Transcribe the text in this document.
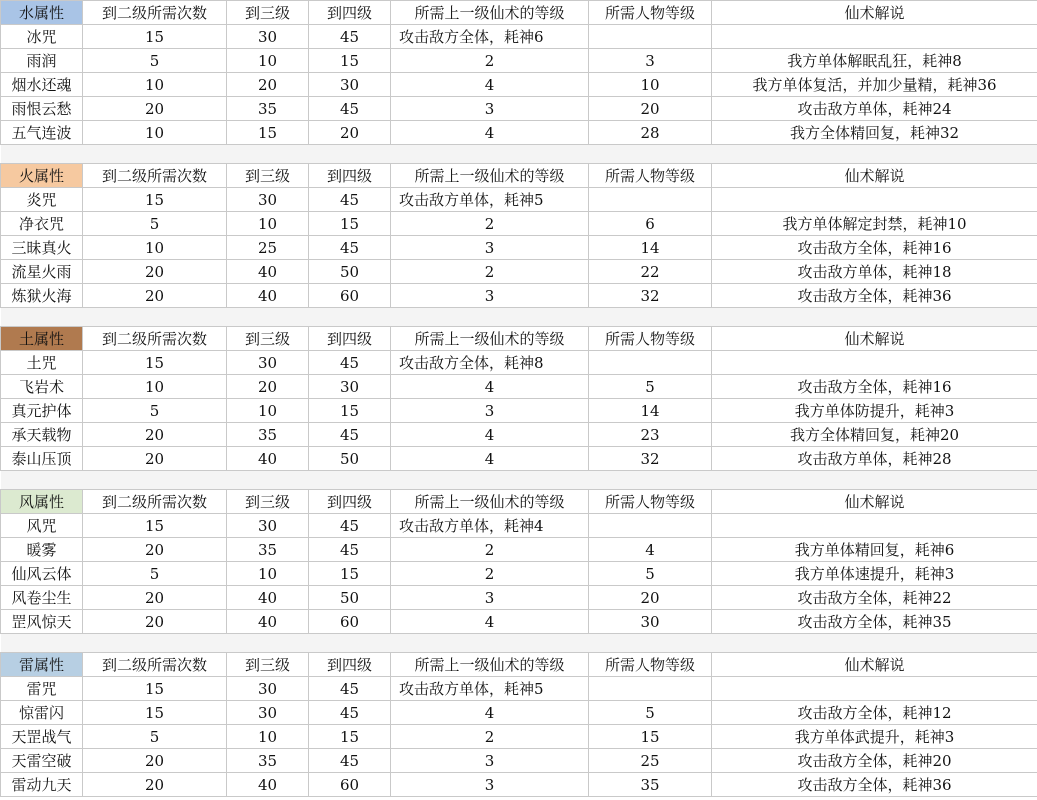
水属性	到二级所需次数	到三级	到四级	所需上一级仙术的等级	所需人物等级	仙术解说
冰咒	15	30	45	攻击敌方全体，耗神6		
雨润	5	10	15	2	3	我方单体解眠乱狂，耗神8
烟水还魂	10	20	30	4	10	我方单体复活，并加少量精，耗神36
雨恨云愁	20	35	45	3	20	攻击敌方单体，耗神24
五气连波	10	15	20	4	28	我方全体精回复，耗神32

火属性	到二级所需次数	到三级	到四级	所需上一级仙术的等级	所需人物等级	仙术解说
炎咒	15	30	45	攻击敌方单体，耗神5		
净衣咒	5	10	15	2	6	我方单体解定封禁，耗神10
三昧真火	10	25	45	3	14	攻击敌方全体，耗神16
流星火雨	20	40	50	2	22	攻击敌方单体，耗神18
炼狱火海	20	40	60	3	32	攻击敌方全体，耗神36

土属性	到二级所需次数	到三级	到四级	所需上一级仙术的等级	所需人物等级	仙术解说
土咒	15	30	45	攻击敌方全体，耗神8		
飞岩术	10	20	30	4	5	攻击敌方全体，耗神16
真元护体	5	10	15	3	14	我方单体防提升，耗神3
承天载物	20	35	45	4	23	我方全体精回复，耗神20
泰山压顶	20	40	50	4	32	攻击敌方单体，耗神28

风属性	到二级所需次数	到三级	到四级	所需上一级仙术的等级	所需人物等级	仙术解说
风咒	15	30	45	攻击敌方单体，耗神4		
暖雾	20	35	45	2	4	我方单体精回复，耗神6
仙风云体	5	10	15	2	5	我方单体速提升，耗神3
风卷尘生	20	40	50	3	20	攻击敌方全体，耗神22
罡风惊天	20	40	60	4	30	攻击敌方全体，耗神35

雷属性	到二级所需次数	到三级	到四级	所需上一级仙术的等级	所需人物等级	仙术解说
雷咒	15	30	45	攻击敌方单体，耗神5		
惊雷闪	15	30	45	4	5	攻击敌方全体，耗神12
天罡战气	5	10	15	2	15	我方单体武提升，耗神3
天雷空破	20	35	45	3	25	攻击敌方全体，耗神20
雷动九天	20	40	60	3	35	攻击敌方全体，耗神36
